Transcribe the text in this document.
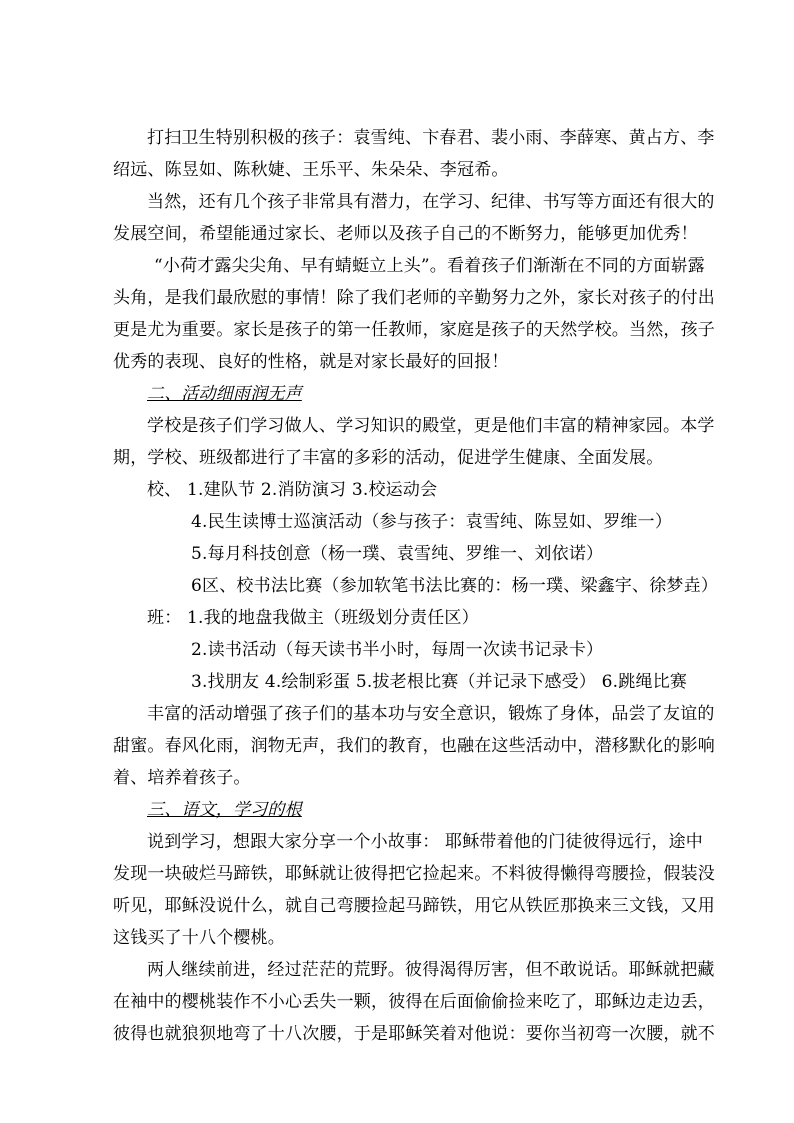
打扫卫生特别积极的孩子：袁雪纯、卞春君、裴小雨、李薛寒、黄占方、李
绍远、陈昱如、陈秋婕、王乐平、朱朵朵、李冠希。
当然，还有几个孩子非常具有潜力，在学习、纪律、书写等方面还有很大的
发展空间，希望能通过家长、老师以及孩子自己的不断努力，能够更加优秀！
“小荷才露尖尖角、早有蜻蜓立上头”。看着孩子们渐渐在不同的方面崭露
头角，是我们最欣慰的事情！除了我们老师的辛勤努力之外，家长对孩子的付出
更是尤为重要。家长是孩子的第一任教师，家庭是孩子的天然学校。当然，孩子
优秀的表现、良好的性格，就是对家长最好的回报！
二、活动细雨润无声
学校是孩子们学习做人、学习知识的殿堂，更是他们丰富的精神家园。本学
期，学校、班级都进行了丰富的多彩的活动，促进学生健康、全面发展。
校、 1.建队节 2.消防演习 3.校运动会
4.民生读博士巡演活动（参与孩子：袁雪纯、陈昱如、罗维一）
5.每月科技创意（杨一璞、袁雪纯、罗维一、刘依诺）
6区、校书法比赛（参加软笔书法比赛的：杨一璞、梁鑫宇、徐梦垚）
班： 1.我的地盘我做主（班级划分责任区）
2.读书活动（每天读书半小时，每周一次读书记录卡）
3.找朋友 4.绘制彩蛋 5.拔老根比赛（并记录下感受） 6.跳绳比赛
丰富的活动增强了孩子们的基本功与安全意识，锻炼了身体，品尝了友谊的
甜蜜。春风化雨，润物无声，我们的教育，也融在这些活动中，潜移默化的影响
着、培养着孩子。
三、语文，学习的根
说到学习，想跟大家分享一个小故事： 耶稣带着他的门徒彼得远行，途中
发现一块破烂马蹄铁，耶稣就让彼得把它捡起来。不料彼得懒得弯腰捡，假装没
听见，耶稣没说什么，就自己弯腰捡起马蹄铁，用它从铁匠那换来三文钱，又用
这钱买了十八个樱桃。
两人继续前进，经过茫茫的荒野。彼得渴得厉害，但不敢说话。耶稣就把藏
在袖中的樱桃装作不小心丢失一颗，彼得在后面偷偷捡来吃了，耶稣边走边丢，
彼得也就狼狈地弯了十八次腰，于是耶稣笑着对他说：要你当初弯一次腰，就不
